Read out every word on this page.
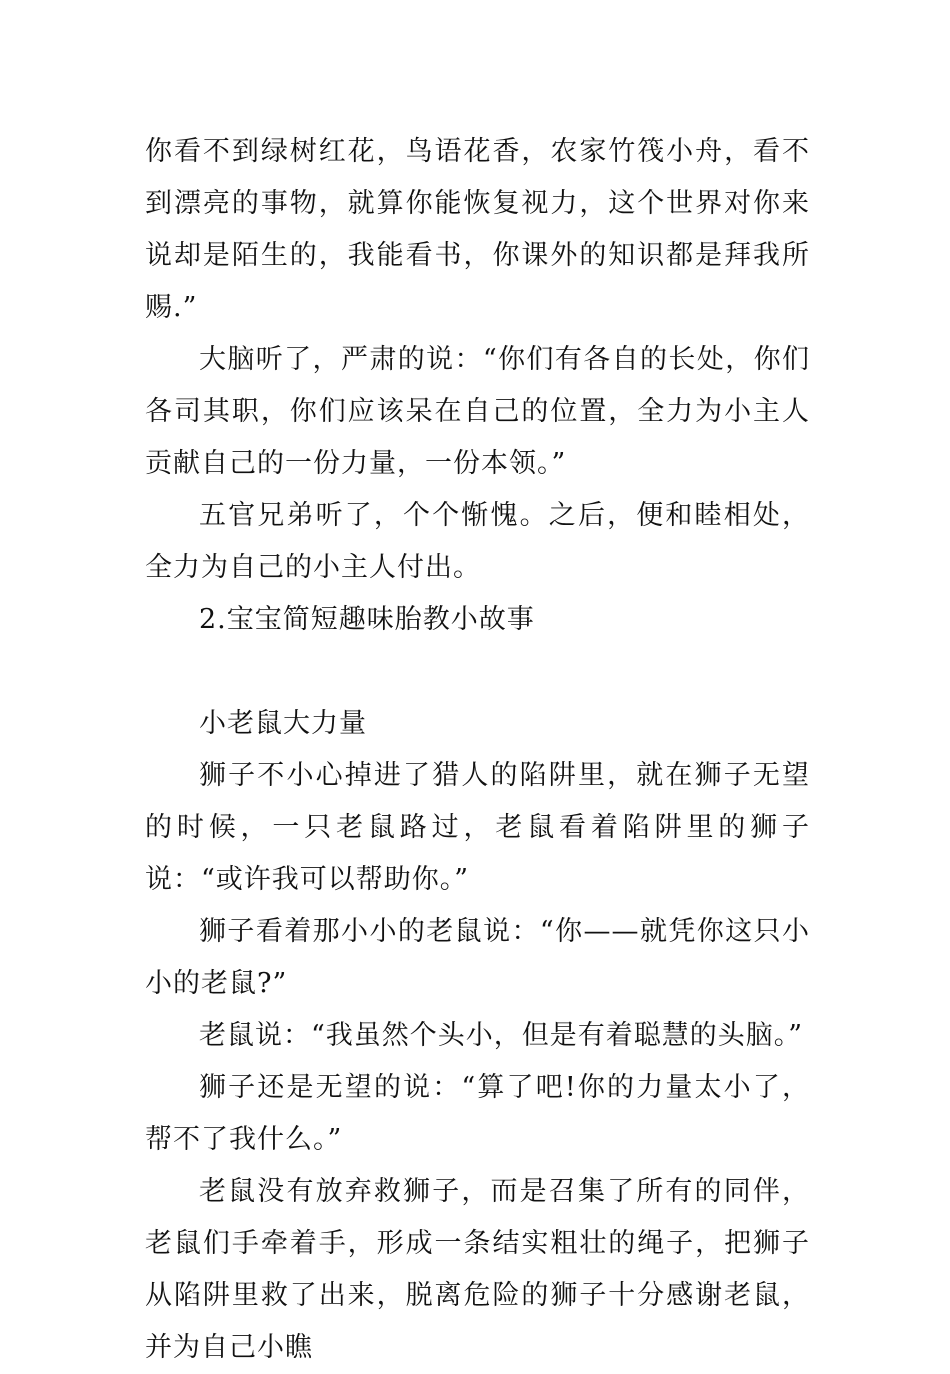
你看不到绿树红花，鸟语花香，农家竹筏小舟，看不到漂亮的事物，就算你能恢复视力，这个世界对你来说却是陌生的，我能看书，你课外的知识都是拜我所赐.”

大脑听了，严肃的说：“你们有各自的长处，你们各司其职，你们应该呆在自己的位置，全力为小主人贡献自己的一份力量，一份本领。”

五官兄弟听了，个个惭愧。之后，便和睦相处，全力为自己的小主人付出。

2.宝宝简短趣味胎教小故事

小老鼠大力量

狮子不小心掉进了猎人的陷阱里，就在狮子无望的时候，一只老鼠路过，老鼠看着陷阱里的狮子说：“或许我可以帮助你。”

狮子看着那小小的老鼠说：“你——就凭你这只小小的老鼠?”

老鼠说：“我虽然个头小，但是有着聪慧的头脑。”

狮子还是无望的说：“算了吧!你的力量太小了，帮不了我什么。”

老鼠没有放弃救狮子，而是召集了所有的同伴，老鼠们手牵着手，形成一条结实粗壮的绳子，把狮子从陷阱里救了出来，脱离危险的狮子十分感谢老鼠，并为自己小瞧
